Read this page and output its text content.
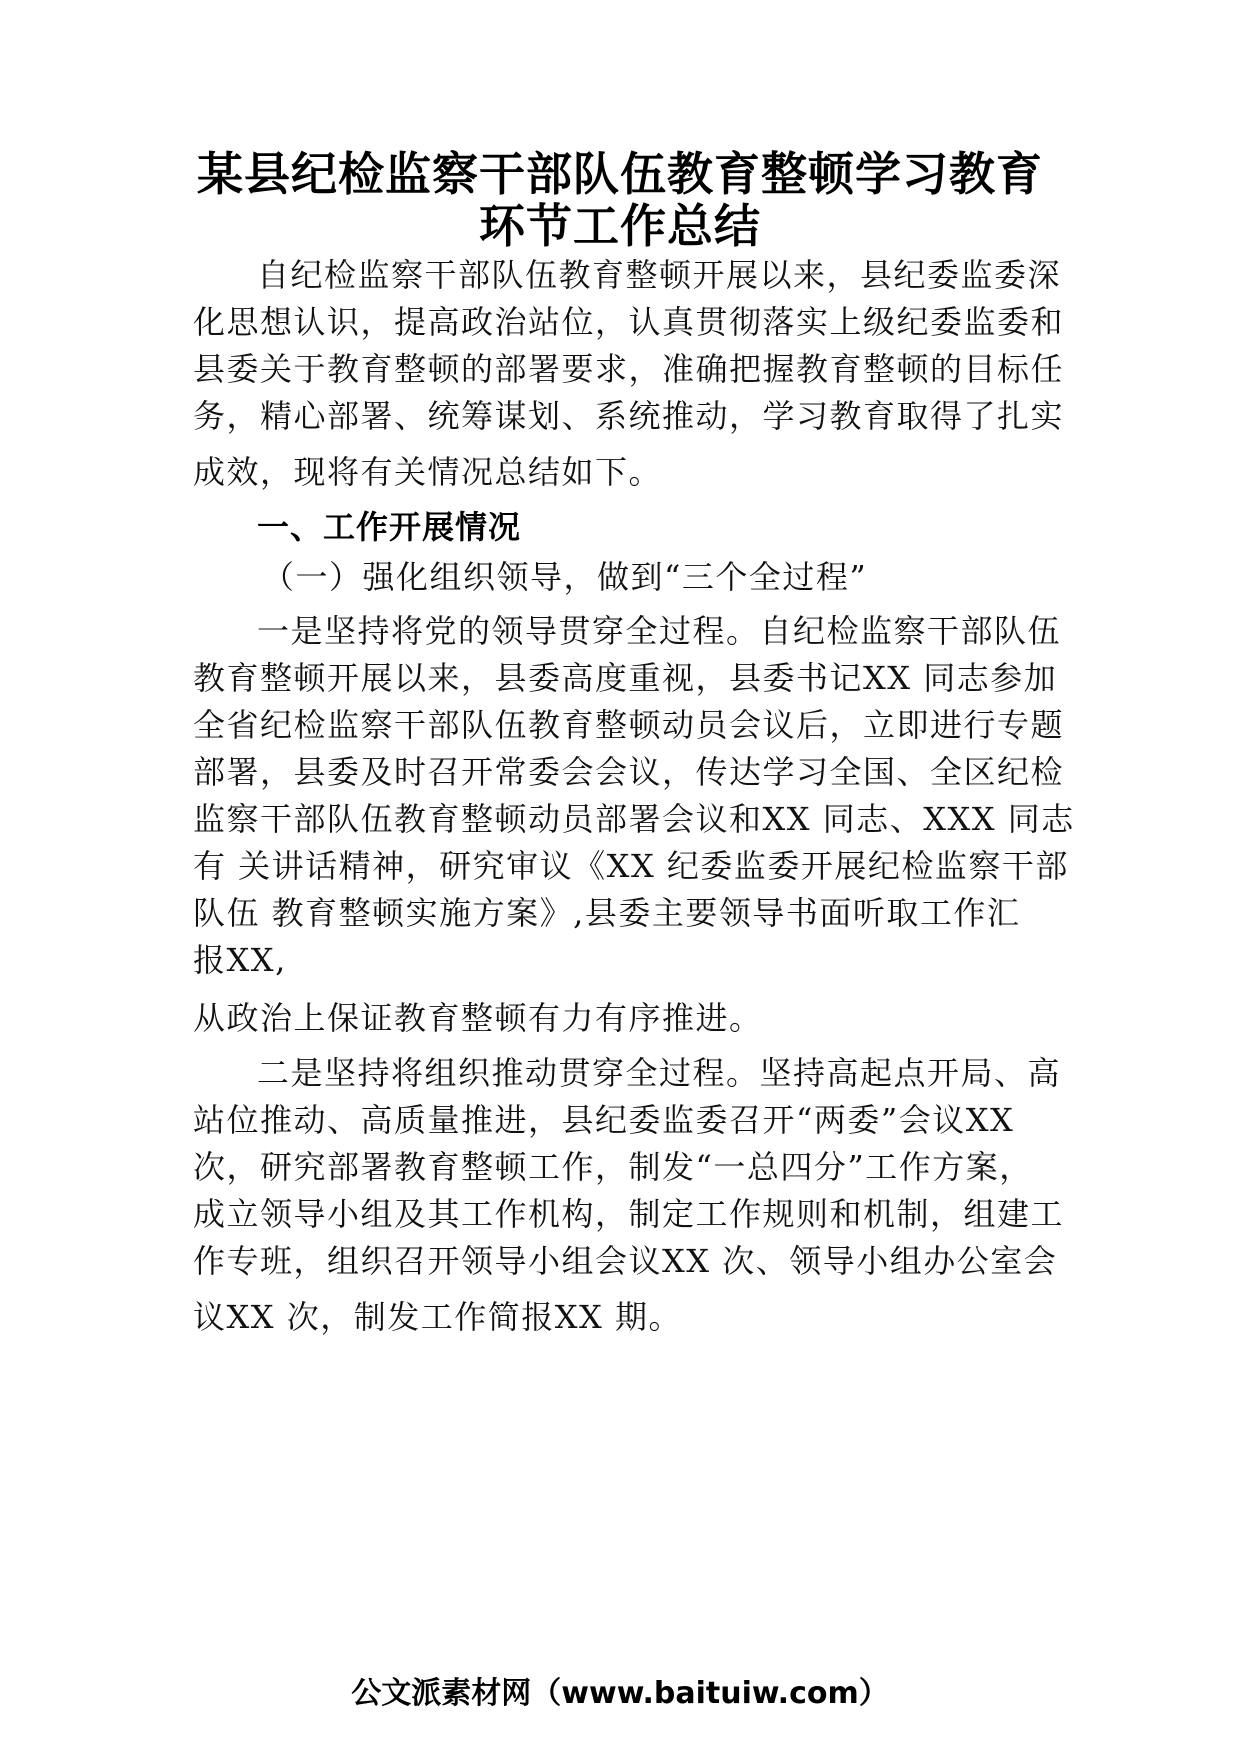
某县纪检监察干部队伍教育整顿学习教育
环节工作总结
自纪检监察干部队伍教育整顿开展以来，县纪委监委深
化思想认识，提高政治站位，认真贯彻落实上级纪委监委和
县委关于教育整顿的部署要求，准确把握教育整顿的目标任
务，精心部署、统筹谋划、系统推动，学习教育取得了扎实
成效，现将有关情况总结如下。
一、工作开展情况
（一）强化组织领导，做到“三个全过程”
一是坚持将党的领导贯穿全过程。自纪检监察干部队伍
教育整顿开展以来，县委高度重视，县委书记XX 同志参加
全省纪检监察干部队伍教育整顿动员会议后，立即进行专题
部署，县委及时召开常委会会议，传达学习全国、全区纪检
监察干部队伍教育整顿动员部署会议和XX 同志、XXX 同志
有 关讲话精神，研究审议《XX 纪委监委开展纪检监察干部
队伍 教育整顿实施方案》,县委主要领导书面听取工作汇
报XX,
从政治上保证教育整顿有力有序推进。
二是坚持将组织推动贯穿全过程。坚持高起点开局、高
站位推动、高质量推进，县纪委监委召开“两委”会议XX
次，研究部署教育整顿工作，制发“一总四分”工作方案，
成立领导小组及其工作机构，制定工作规则和机制，组建工
作专班，组织召开领导小组会议XX 次、领导小组办公室会
议XX 次，制发工作简报XX 期。
公文派素材网（www.baituiw.com）
